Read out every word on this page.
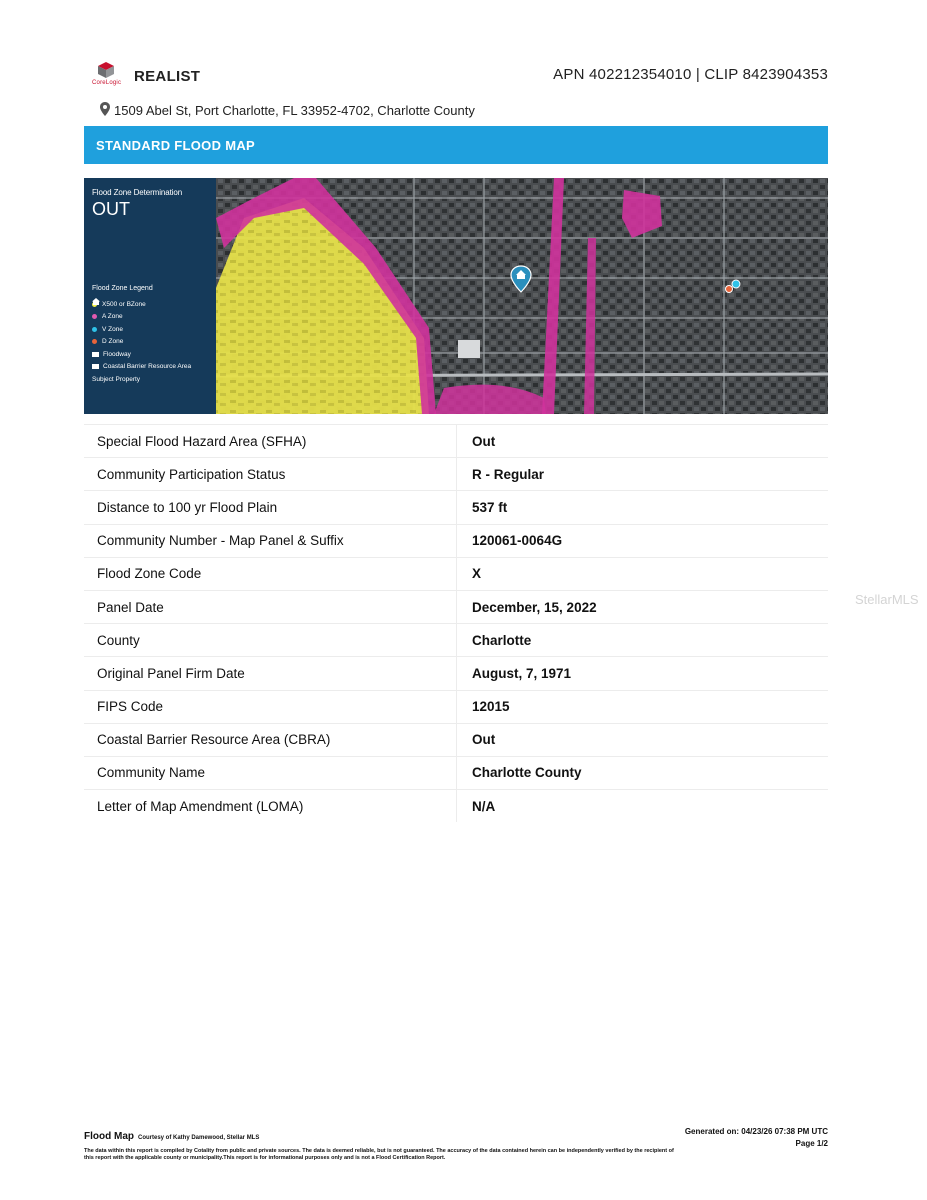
CoreLogic REALIST	APN 402212354010 | CLIP 8423904353
1509 Abel St, Port Charlotte, FL 33952-4702, Charlotte County
STANDARD FLOOD MAP
Flood Zone Determination
OUT
Flood Zone Legend
X500 or BZone
A Zone
V Zone
D Zone
Floodway
Coastal Barrier Resource Area
Subject Property
Special Flood Hazard Area (SFHA)	Out
Community Participation Status	R - Regular
Distance to 100 yr Flood Plain	537 ft
Community Number - Map Panel & Suffix	120061-0064G
Flood Zone Code	X
Panel Date	December, 15, 2022
County	Charlotte
Original Panel Firm Date	August, 7, 1971
FIPS Code	12015
Coastal Barrier Resource Area (CBRA)	Out
Community Name	Charlotte County
Letter of Map Amendment (LOMA)	N/A
StellarMLS
Flood Map Courtesy of Kathy Damewood, Stellar MLS
The data within this report is compiled by Cotality from public and private sources. The data is deemed reliable, but is not guaranteed. The accuracy of the data contained herein can be independently verified by the recipient of this report with the applicable county or municipality.This report is for informational purposes only and is not a Flood Certification Report.
Generated on: 04/23/26 07:38 PM UTC
Page 1/2
